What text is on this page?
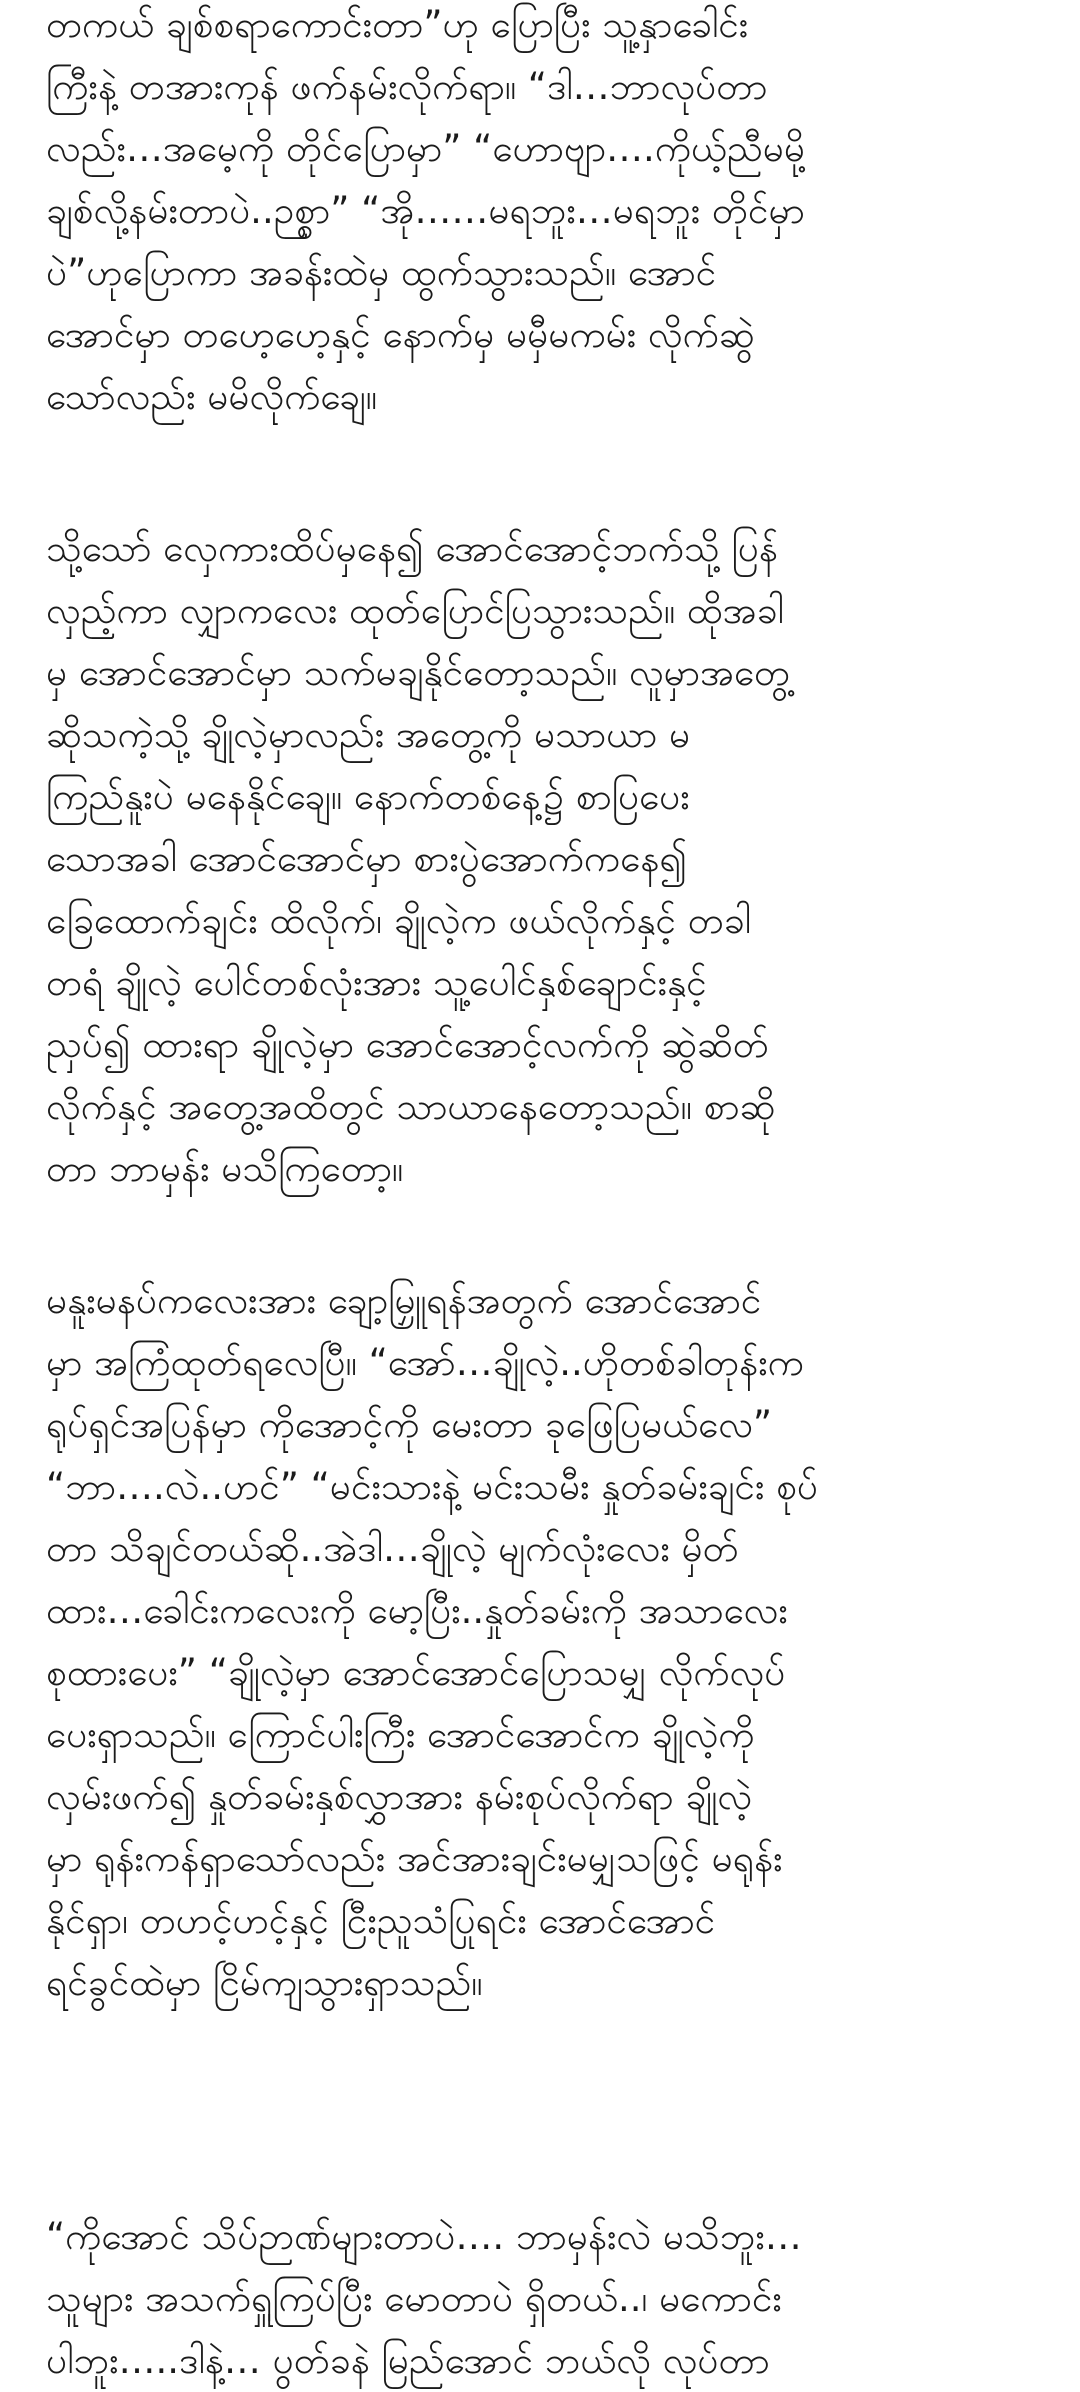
တကယ် ချစ်စရာကောင်းတာ”ဟု ပြောပြီး သူ့နှာခေါင်း
ကြီးနဲ့ တအားကုန် ဖက်နမ်းလိုက်ရာ။ “ဒါ…ဘာလုပ်တာ
လည်း…အမေ့ကို တိုင်ပြောမှာ” “ဟောဗျာ….ကိုယ့်ညီမမို့
ချစ်လို့နမ်းတာပဲ..ဉစ္စာ” “အို……မရဘူး…မရဘူး တိုင်မှာ
ပဲ”ဟုပြောကာ အခန်းထဲမှ ထွက်သွားသည်။ အောင်
အောင်မှာ တဟေ့ဟေ့နှင့် နောက်မှ မမှီမကမ်း လိုက်ဆွဲ
သော်လည်း မမိလိုက်ချေ။

သို့သော် လှေကားထိပ်မှနေ၍ အောင်အောင့်ဘက်သို့ ပြန်
လှည့်ကာ လျှာကလေး ထုတ်ပြောင်ပြသွားသည်။ ထိုအခါ
မှ အောင်အောင်မှာ သက်မချနိုင်တော့သည်။ လူမှာအတွေ့
ဆိုသကဲ့သို့ ချိုလဲ့မှာလည်း အတွေ့ကို မသာယာ မ
ကြည်နူးပဲ မနေနိုင်ချေ။ နောက်တစ်နေ့၌ စာပြပေး
သောအခါ အောင်အောင်မှာ စားပွဲအောက်ကနေ၍
ခြေထောက်ချင်း ထိလိုက်၊ ချိုလဲ့က ဖယ်လိုက်နှင့် တခါ
တရံ ချိုလဲ့ ပေါင်တစ်လုံးအား သူ့ပေါင်နှစ်ချောင်းနှင့်
ညှပ်၍ ထားရာ ချိုလဲ့မှာ အောင်အောင့်လက်ကို ဆွဲဆိတ်
လိုက်နှင့် အတွေ့အထိတွင် သာယာနေတော့သည်။ စာဆို
တာ ဘာမှန်း မသိကြတော့။

မနူးမနပ်ကလေးအား ချော့မြှူရန်အတွက် အောင်အောင်
မှာ အကြံထုတ်ရလေပြီ။ “အော်…ချိုလဲ့..ဟိုတစ်ခါတုန်းက
ရုပ်ရှင်အပြန်မှာ ကိုအောင့်ကို မေးတာ ခုဖြေပြမယ်လေ”
“ဘာ….လဲ..ဟင်” “မင်းသားနဲ့ မင်းသမီး နှုတ်ခမ်းချင်း စုပ်
တာ သိချင်တယ်ဆို..အဲဒါ…ချိုလဲ့ မျက်လုံးလေး မှိတ်
ထား…ခေါင်းကလေးကို မော့ပြီး..နှုတ်ခမ်းကို အသာလေး
စုထားပေး” “ချိုလဲ့မှာ အောင်အောင်ပြောသမျှ လိုက်လုပ်
ပေးရှာသည်။ ကြောင်ပါးကြီး အောင်အောင်က ချိုလဲ့ကို
လှမ်းဖက်၍ နှုတ်ခမ်းနှစ်လွှာအား နမ်းစုပ်လိုက်ရာ ချိုလဲ့
မှာ ရုန်းကန်ရှာသော်လည်း အင်အားချင်းမမျှသဖြင့် မရုန်း
နိုင်ရှာ၊ တဟင့်ဟင့်နှင့် ငြီးညူသံပြုရင်း အောင်အောင်
ရင်ခွင်ထဲမှာ ငြိမ်ကျသွားရှာသည်။

“ကိုအောင် သိပ်ဉာဏ်များတာပဲ…. ဘာမှန်းလဲ မသိဘူး…
သူများ အသက်ရှူကြပ်ပြီး မောတာပဲ ရှိတယ်..၊ မကောင်း
ပါဘူး…..ဒါနဲ့… ပွတ်ခနဲ မြည်အောင် ဘယ်လို လုပ်တာ
